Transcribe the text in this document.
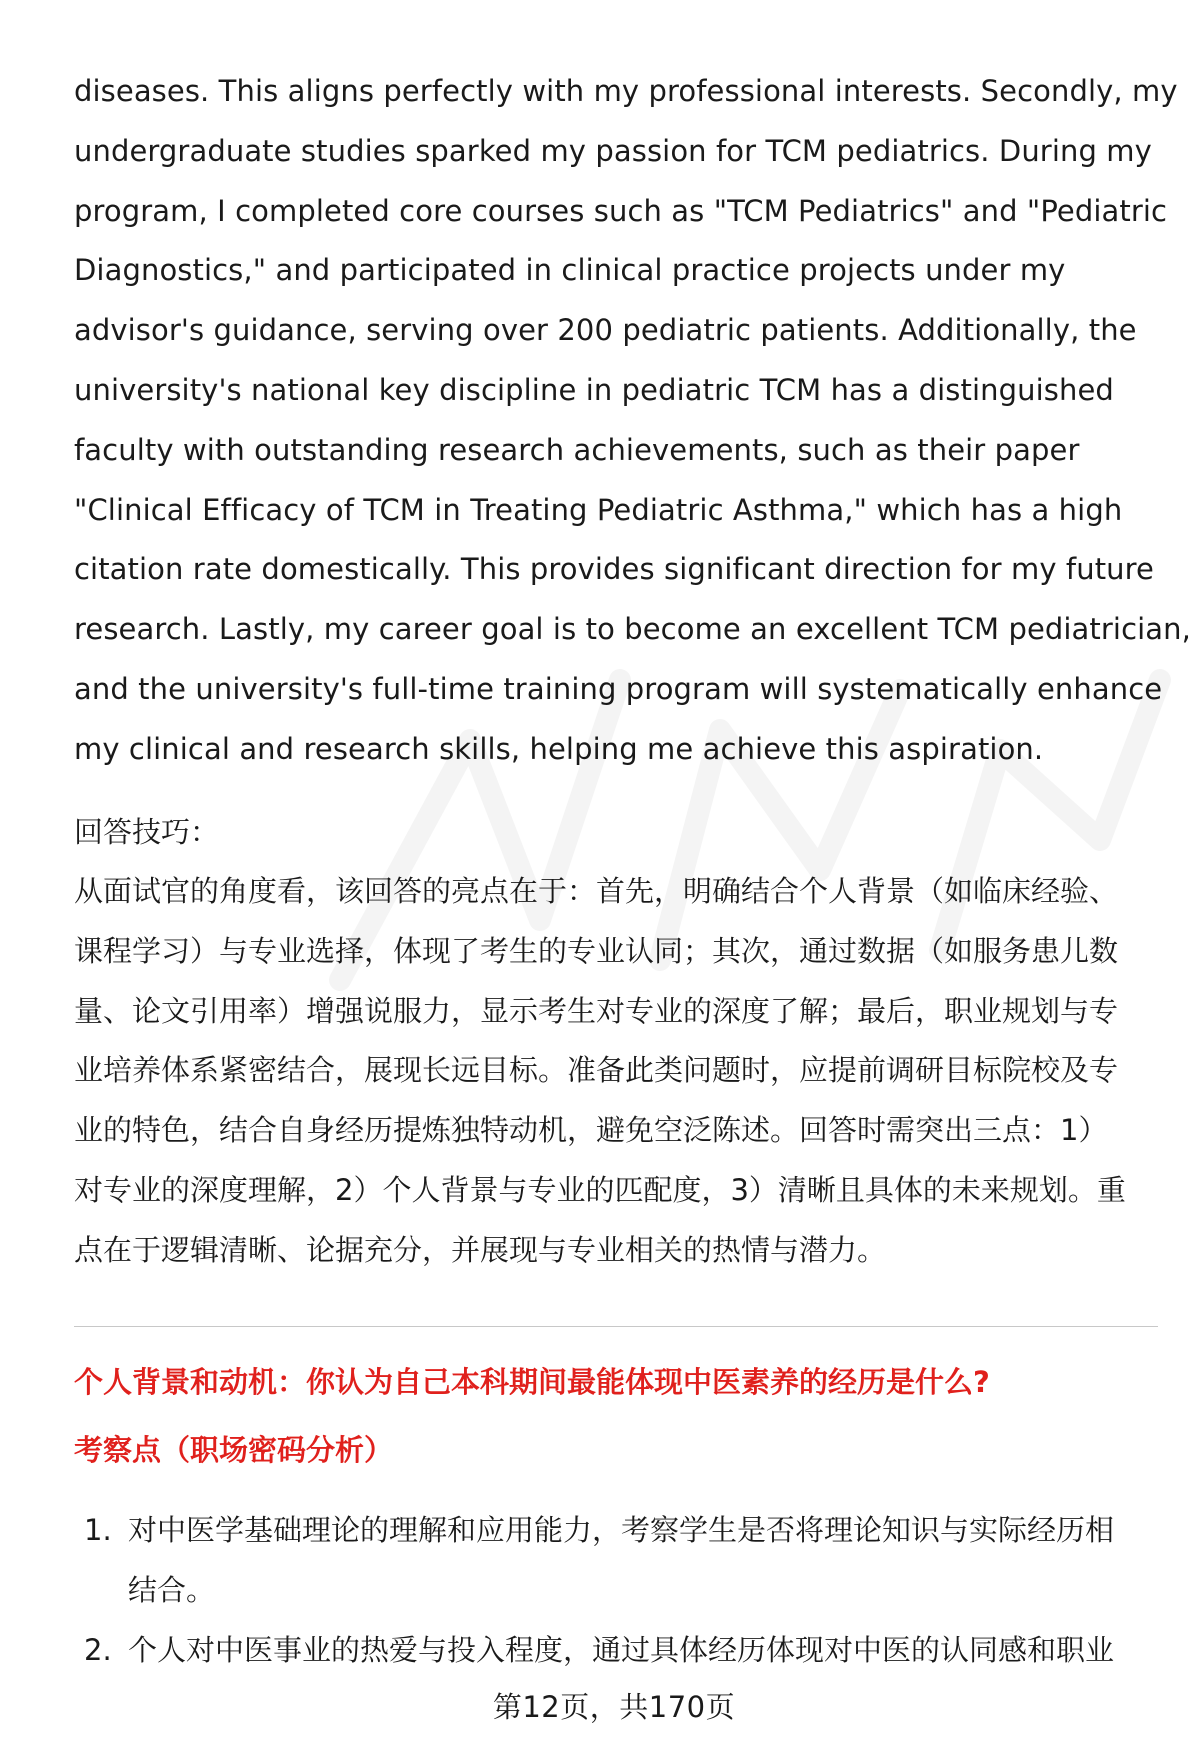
diseases. This aligns perfectly with my professional interests. Secondly, my
undergraduate studies sparked my passion for TCM pediatrics. During my
program, I completed core courses such as "TCM Pediatrics" and "Pediatric
Diagnostics," and participated in clinical practice projects under my
advisor's guidance, serving over 200 pediatric patients. Additionally, the
university's national key discipline in pediatric TCM has a distinguished
faculty with outstanding research achievements, such as their paper
"Clinical Efficacy of TCM in Treating Pediatric Asthma," which has a high
citation rate domestically. This provides significant direction for my future
research. Lastly, my career goal is to become an excellent TCM pediatrician,
and the university's full-time training program will systematically enhance
my clinical and research skills, helping me achieve this aspiration.
回答技巧：
从面试官的角度看，该回答的亮点在于：首先，明确结合个人背景（如临床经验、
课程学习）与专业选择，体现了考生的专业认同；其次，通过数据（如服务患儿数
量、论文引用率）增强说服力，显示考生对专业的深度了解；最后，职业规划与专
业培养体系紧密结合，展现长远目标。准备此类问题时，应提前调研目标院校及专
业的特色，结合自身经历提炼独特动机，避免空泛陈述。回答时需突出三点：1）
对专业的深度理解，2）个人背景与专业的匹配度，3）清晰且具体的未来规划。重
点在于逻辑清晰、论据充分，并展现与专业相关的热情与潜力。
个人背景和动机：你认为自己本科期间最能体现中医素养的经历是什么?
考察点（职场密码分析）
1. 对中医学基础理论的理解和应用能力，考察学生是否将理论知识与实际经历相
结合。
2. 个人对中医事业的热爱与投入程度，通过具体经历体现对中医的认同感和职业
第12页，共170页
